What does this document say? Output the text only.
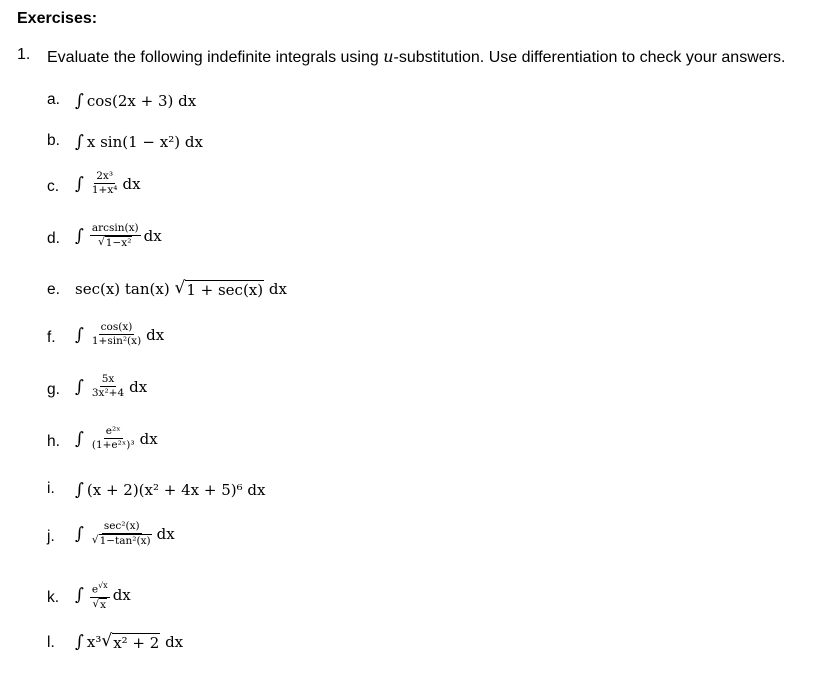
Exercises:
1. Evaluate the following indefinite integrals using u-substitution. Use differentiation to check your answers.
a. ∫ cos(2x + 3) dx
b. ∫ x sin(1 − x²) dx
c. ∫ $\frac{\text{2x³}}{\text{1+x⁴}}$ dx
d. ∫ $\frac{\arcsin(x)}{\text{√ 1−x²}}$ dx
e.	sec(x) tan(x) √ 1 + sec(x) dx
f.	∫ $\frac{\cos(x)}{\text{1+sin²(x)}}$ dx
g. ∫ $\frac{5x}{\text{3x²+4}}$ dx
h. ∫ $\frac{\text{e²ˣ}}{\text{(1+e²ˣ)³}}$ dx
i.	∫ (x + 2)(x² + 4x + 5)⁶ dx
j.	∫ $\frac{\text{sec²(x)}}{\text{√ 1−tan²(x)}}$ dx
k. ∫ $\frac{e^{√x}}{√ x}$ dx
l.	∫ x³ √ x² + 2 dx
